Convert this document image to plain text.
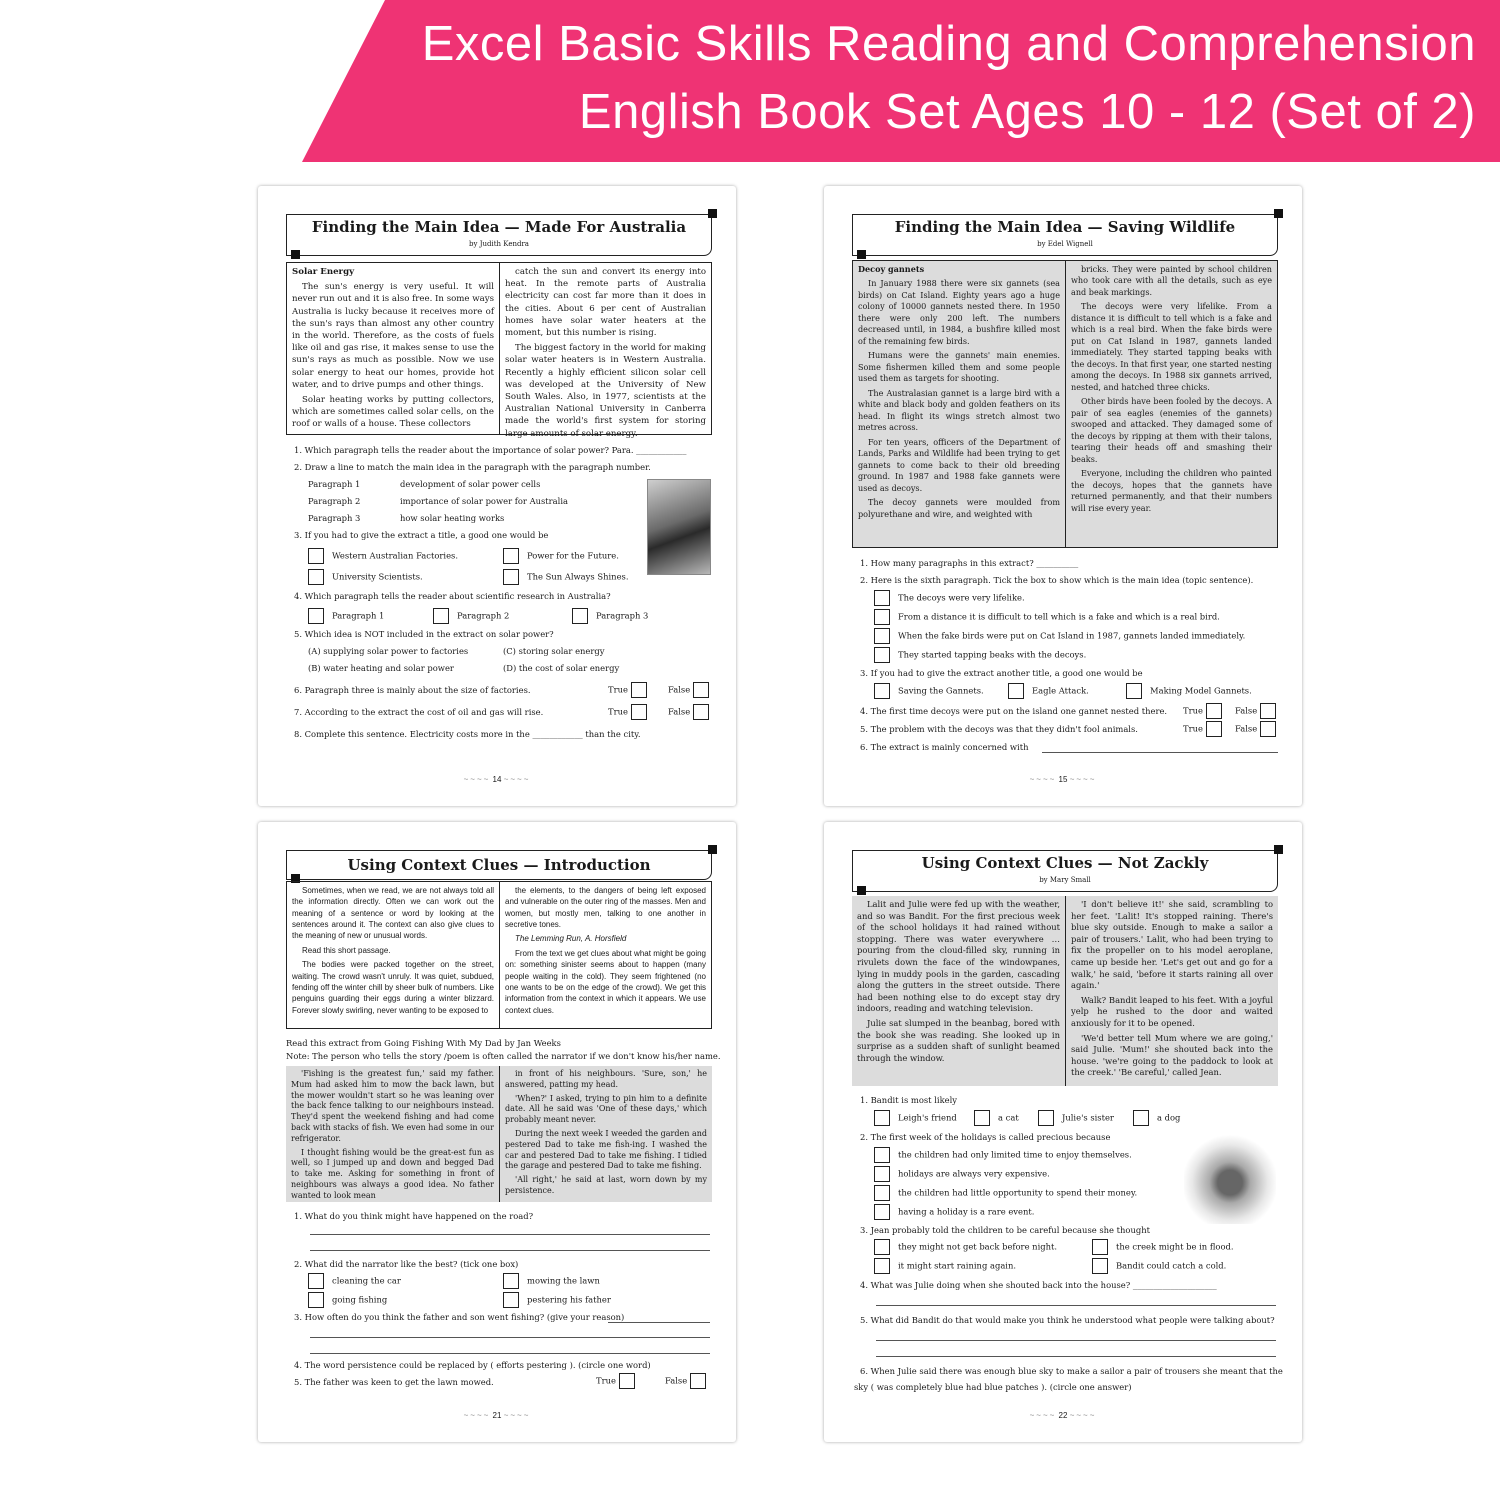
Excel Basic Skills Reading and Comprehension
English Book Set Ages 10 - 12 (Set of 2)
Finding the Main Idea — Made For Australia
by Judith Kendra

Solar Energy

The sun's energy is very useful. It will never run out and it is also free. In some ways Australia is lucky because it receives more of the sun's rays than almost any other country in the world. Therefore, as the costs of fuels like oil and gas rise, it makes sense to use the sun's rays as much as possible. Now we use solar energy to heat our homes, provide hot water, and to drive pumps and other things.

Solar heating works by putting collectors, which are sometimes called solar cells, on the roof or walls of a house. These collectors

catch the sun and convert its energy into heat. In the remote parts of Australia electricity can cost far more than it does in the cities. About 6 per cent of Australian homes have solar water heaters at the moment, but this number is rising.

The biggest factory in the world for making solar water heaters is in Western Australia. Recently a highly efficient silicon solar cell was developed at the University of New South Wales. Also, in 1977, scientists at the Australian National University in Canberra made the world's first system for storing large amounts of solar energy.

1. Which paragraph tells the reader about the importance of solar power? Para. ____________
2. Draw a line to match the main idea in the paragraph with the paragraph number.
Paragraph 1	development of solar power cells
Paragraph 2	importance of solar power for Australia
Paragraph 3	how solar heating works
3. If you had to give the extract a title, a good one would be
Western Australian Factories.	Power for the Future.
University Scientists.	The Sun Always Shines.
4. Which paragraph tells the reader about scientific research in Australia?
Paragraph 1	Paragraph 2	Paragraph 3
5. Which idea is NOT included in the extract on solar power?
(A) supplying solar power to factories	(C) storing solar energy
(B) water heating and solar power	(D) the cost of solar energy
6. Paragraph three is mainly about the size of factories.	True	False
7. According to the extract the cost of oil and gas will rise.	True	False
8. Complete this sentence. Electricity costs more in the ____________ than the city.
~~~~ 14 ~~~~
Finding the Main Idea — Saving Wildlife
by Edel Wignell

Decoy gannets

In January 1988 there were six gannets (sea birds) on Cat Island. Eighty years ago a huge colony of 10000 gannets nested there. In 1950 there were only 200 left. The numbers decreased until, in 1984, a bushfire killed most of the remaining few birds.

Humans were the gannets' main enemies. Some fishermen killed them and some people used them as targets for shooting.

The Australasian gannet is a large bird with a white and black body and golden feathers on its head. In flight its wings stretch almost two metres across.

For ten years, officers of the Department of Lands, Parks and Wildlife had been trying to get gannets to come back to their old breeding ground. In 1987 and 1988 fake gannets were used as decoys.

The decoy gannets were moulded from polyurethane and wire, and weighted with

bricks. They were painted by school children who took care with all the details, such as eye and beak markings.

The decoys were very lifelike. From a distance it is difficult to tell which is a fake and which is a real bird. When the fake birds were put on Cat Island in 1987, gannets landed immediately. They started tapping beaks with the decoys. In that first year, one started nesting among the decoys. In 1988 six gannets arrived, nested, and hatched three chicks.

Other birds have been fooled by the decoys. A pair of sea eagles (enemies of the gannets) swooped and attacked. They damaged some of the decoys by ripping at them with their talons, tearing their heads off and smashing their beaks.

Everyone, including the children who painted the decoys, hopes that the gannets have returned permanently, and that their numbers will rise every year.

1. How many paragraphs in this extract? __________
2. Here is the sixth paragraph. Tick the box to show which is the main idea (topic sentence).
The decoys were very lifelike.
From a distance it is difficult to tell which is a fake and which is a real bird.
When the fake birds were put on Cat Island in 1987, gannets landed immediately.
They started tapping beaks with the decoys.
3. If you had to give the extract another title, a good one would be
Saving the Gannets.	Eagle Attack.	Making Model Gannets.
4. The first time decoys were put on the island one gannet nested there. True	False
5. The problem with the decoys was that they didn't fool animals.	True	False
6. The extract is mainly concerned with
~~~~ 15 ~~~~
Using Context Clues — Introduction

Sometimes, when we read, we are not always told all the information directly. Often we can work out the meaning of a sentence or word by looking at the sentences around it. The context can also give clues to the meaning of new or unusual words.

Read this short passage.

The bodies were packed together on the street, waiting. The crowd wasn't unruly. It was quiet, subdued, fending off the winter chill by sheer bulk of numbers. Like penguins guarding their eggs during a winter blizzard. Forever slowly swirling, never wanting to be exposed to

the elements, to the dangers of being left exposed and vulnerable on the outer ring of the masses. Men and women, but mostly men, talking to one another in secretive tones.

The Lemming Run, A. Horsfield

From the text we get clues about what might be going on: something sinister seems about to happen (many people waiting in the cold). They seem frightened (no one wants to be on the edge of the crowd). We get this information from the context in which it appears. We use context clues.

Read this extract from Going Fishing With My Dad by Jan Weeks
Note: The person who tells the story /poem is often called the narrator if we don't know his/her name.

'Fishing is the greatest fun,' said my father. Mum had asked him to mow the back lawn, but the mower wouldn't start so he was leaning over the back fence talking to our neighbours instead. They'd spent the weekend fishing and had come back with stacks of fish. We even had some in our refrigerator.

I thought fishing would be the great-est fun as well, so I jumped up and down and begged Dad to take me. Asking for something in front of neighbours was always a good idea. No father wanted to look mean

in front of his neighbours. 'Sure, son,' he answered, patting my head.

'When?' I asked, trying to pin him to a definite date. All he said was 'One of these days,' which probably meant never.

During the next week I weeded the garden and pestered Dad to take me fish-ing. I washed the car and pestered Dad to take me fishing. I tidied the garage and pestered Dad to take me fishing.

'All right,' he said at last, worn down by my persistence.

1. What do you think might have happened on the road?
2. What did the narrator like the best? (tick one box)
cleaning the car	mowing the lawn
going fishing	pestering his father
3. How often do you think the father and son went fishing? (give your reason)
4. The word persistence could be replaced by ( efforts pestering ). (circle one word)
5. The father was keen to get the lawn mowed.	True	False
~~~~ 21 ~~~~
Using Context Clues — Not Zackly
by Mary Small

Lalit and Julie were fed up with the weather, and so was Bandit. For the first precious week of the school holidays it had rained without stopping. There was water everywhere … pouring from the cloud-filled sky, running in rivulets down the face of the windowpanes, lying in muddy pools in the garden, cascading along the gutters in the street outside. There had been nothing else to do except stay dry indoors, reading and watching television.

Julie sat slumped in the beanbag, bored with the book she was reading. She looked up in surprise as a sudden shaft of sunlight beamed through the window.

'I don't believe it!' she said, scrambling to her feet. 'Lalit! It's stopped raining. There's blue sky outside. Enough to make a sailor a pair of trousers.' Lalit, who had been trying to fix the propeller on to his model aeroplane, came up beside her. 'Let's get out and go for a walk,' he said, 'before it starts raining all over again.'

Walk? Bandit leaped to his feet. With a joyful yelp he rushed to the door and waited anxiously for it to be opened.

'We'd better tell Mum where we are going,' said Julie. 'Mum!' she shouted back into the house. 'we're going to the paddock to look at the creek.' 'Be careful,' called Jean.

1. Bandit is most likely
Leigh's friend	a cat	Julie's sister	a dog
2. The first week of the holidays is called precious because
the children had only limited time to enjoy themselves.
holidays are always very expensive.
the children had little opportunity to spend their money.
having a holiday is a rare event.
3. Jean probably told the children to be careful because she thought
they might not get back before night.	the creek might be in flood.
it might start raining again.	Bandit could catch a cold.
4. What was Julie doing when she shouted back into the house? ____________________
5. What did Bandit do that would make you think he understood what people were talking about?
6. When Julie said there was enough blue sky to make a sailor a pair of trousers she meant that the
sky ( was completely blue had blue patches ). (circle one answer)
~~~~ 22 ~~~~
